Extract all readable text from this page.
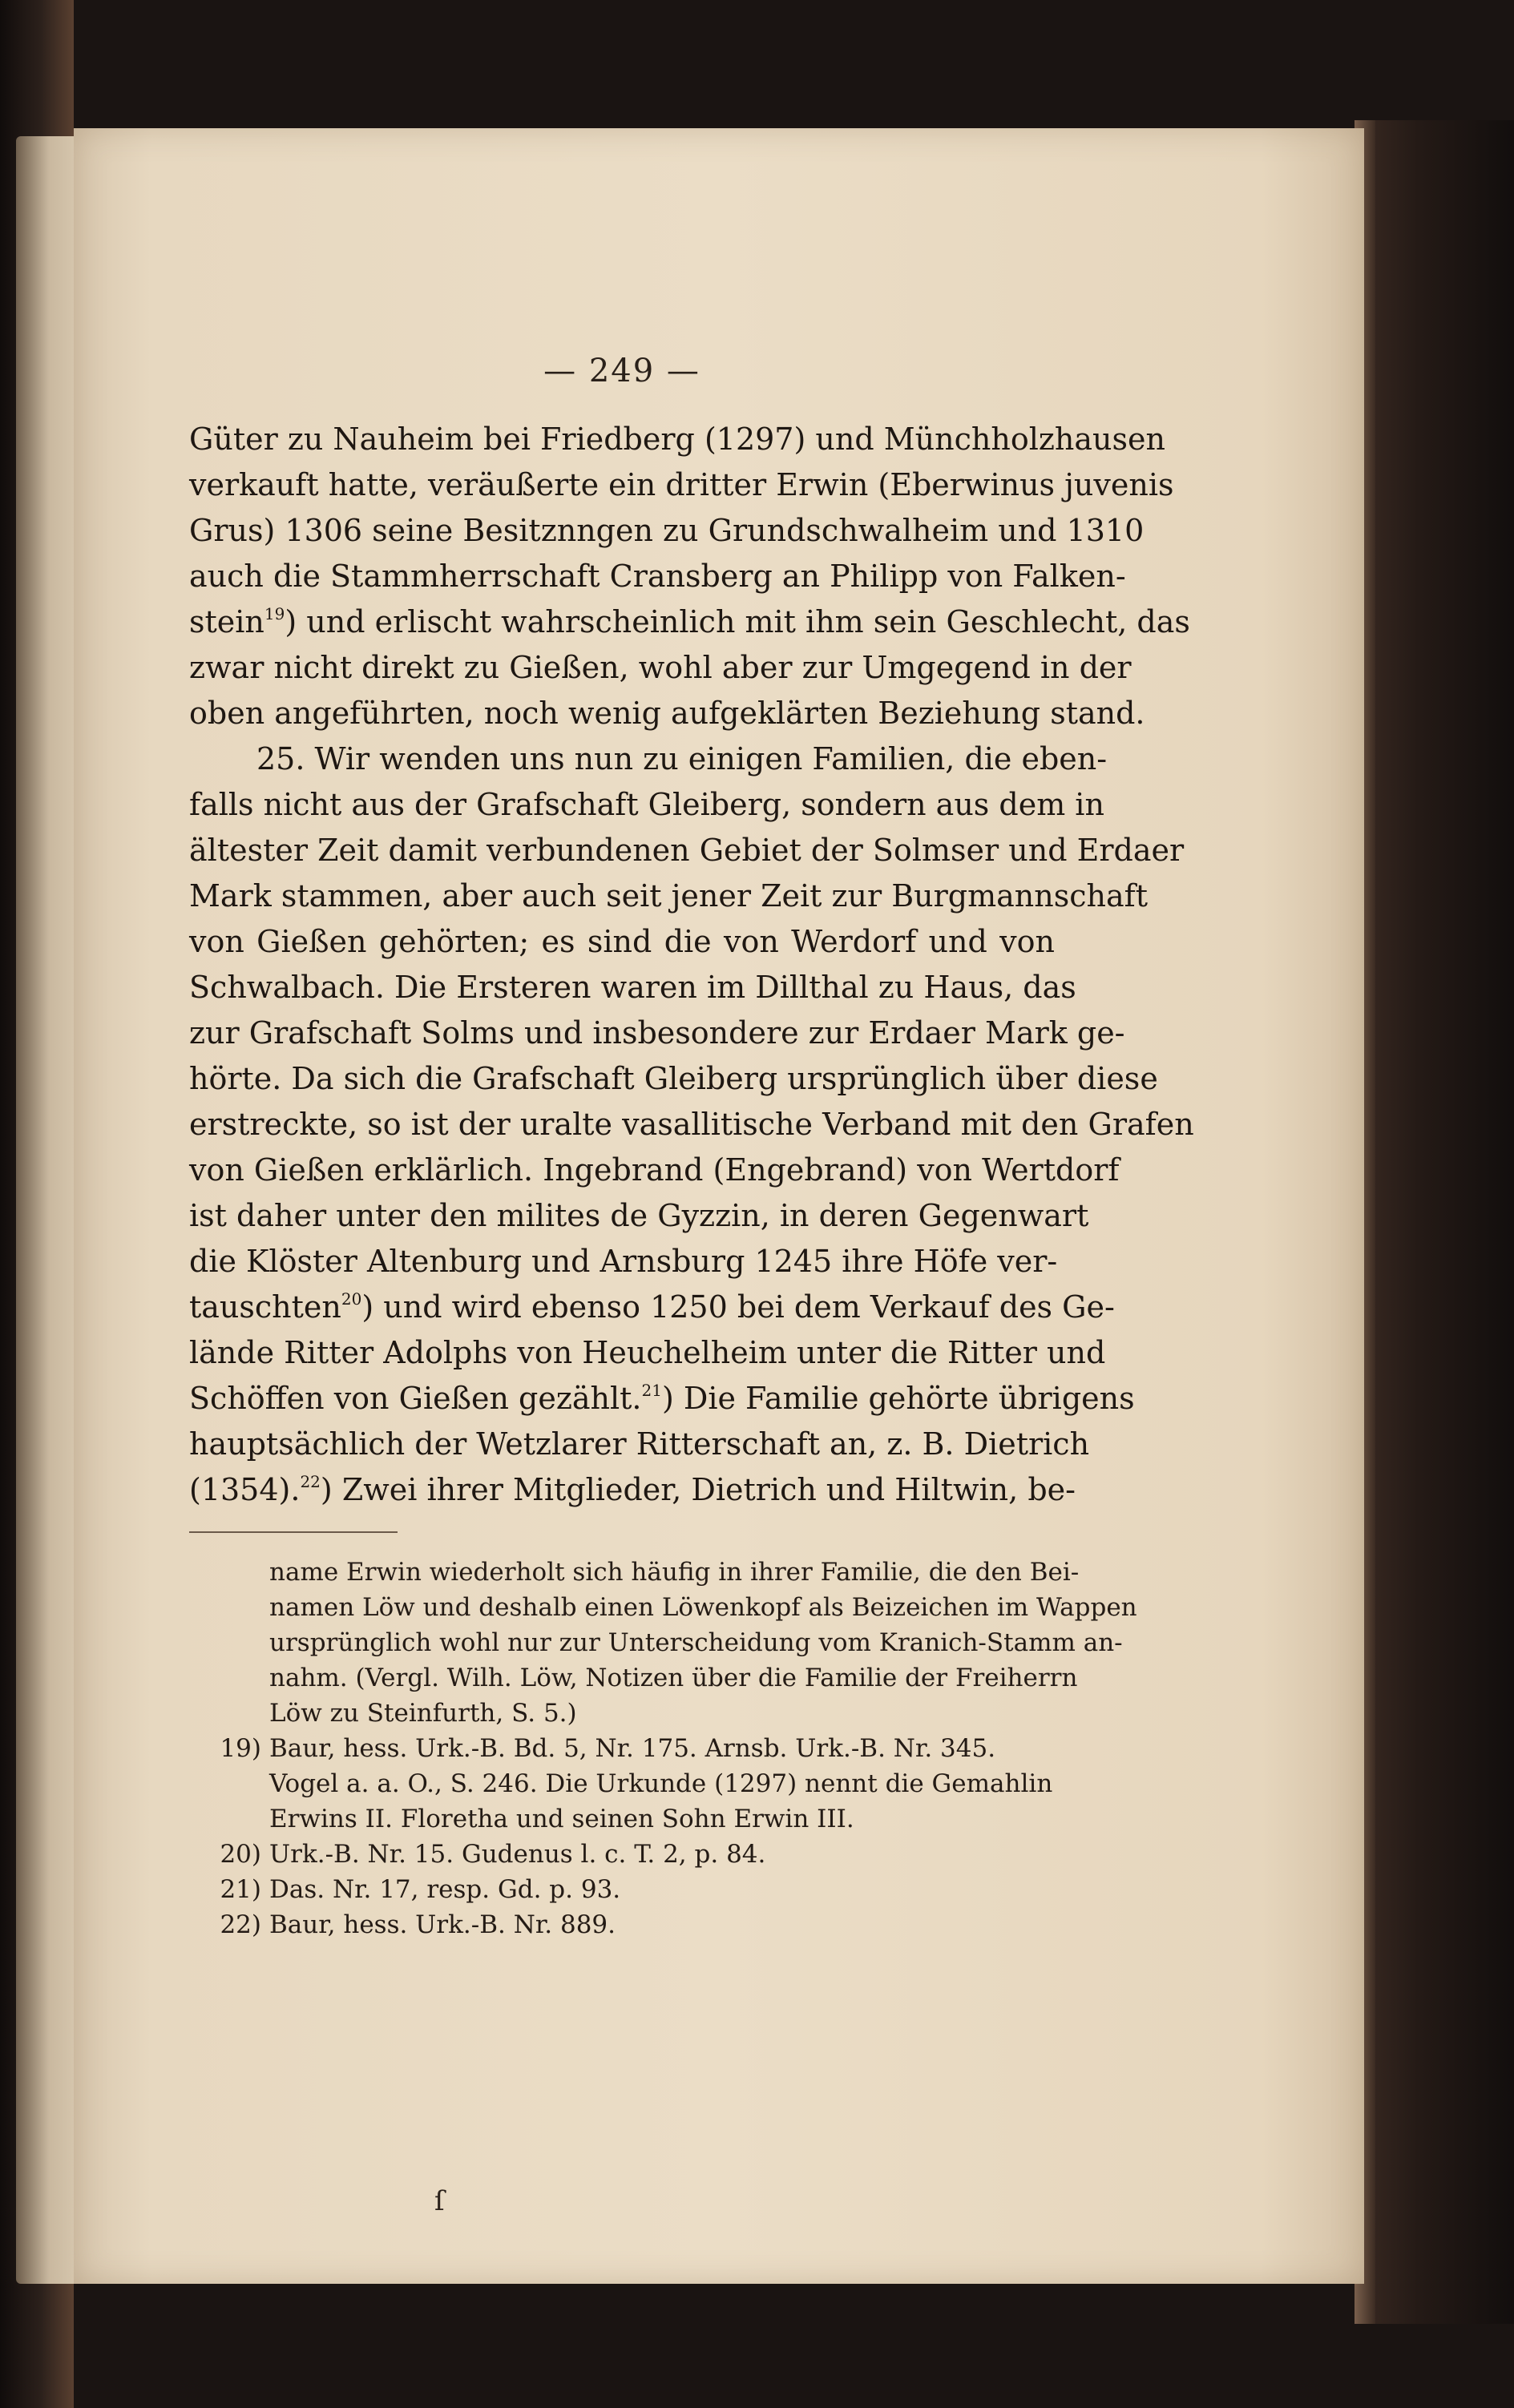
— 249 —
Güter zu Nauheim bei Friedberg (1297) und Münchholzhausen
verkauft hatte, veräußerte ein dritter Erwin (Eberwinus juvenis
Grus) 1306 seine Besitznngen zu Grundschwalheim und 1310
auch die Stammherrschaft Cransberg an Philipp von Falken-
stein$^{19}$) und erlischt wahrscheinlich mit ihm sein Geschlecht, das
zwar nicht direkt zu Gießen, wohl aber zur Umgegend in der
oben angeführten, noch wenig aufgeklärten Beziehung stand.
25. Wir wenden uns nun zu einigen Familien, die eben-
falls nicht aus der Grafschaft Gleiberg, sondern aus dem in
ältester Zeit damit verbundenen Gebiet der Solmser und Erdaer
Mark stammen, aber auch seit jener Zeit zur Burgmannschaft
von Gießen gehörten; es sind die von Werdorf und von
Schwalbach. Die Ersteren waren im Dillthal zu Haus, das
zur Grafschaft Solms und insbesondere zur Erdaer Mark ge-
hörte. Da sich die Grafschaft Gleiberg ursprünglich über diese
erstreckte, so ist der uralte vasallitische Verband mit den Grafen
von Gießen erklärlich. Ingebrand (Engebrand) von Wertdorf
ist daher unter den milites de Gyzzin, in deren Gegenwart
die Klöster Altenburg und Arnsburg 1245 ihre Höfe ver-
tauschten$^{20}$) und wird ebenso 1250 bei dem Verkauf des Ge-
lände Ritter Adolphs von Heuchelheim unter die Ritter und
Schöffen von Gießen gezählt.$^{21}$) Die Familie gehörte übrigens
hauptsächlich der Wetzlarer Ritterschaft an, z. B. Dietrich
(1354).$^{22}$) Zwei ihrer Mitglieder, Dietrich und Hiltwin, be-
name Erwin wiederholt sich häufig in ihrer Familie, die den Bei-
namen Löw und deshalb einen Löwenkopf als Beizeichen im Wappen
ursprünglich wohl nur zur Unterscheidung vom Kranich-Stamm an-
nahm. (Vergl. Wilh. Löw, Notizen über die Familie der Freiherrn
Löw zu Steinfurth, S. 5.)
19) Baur, hess. Urk.-B. Bd. 5, Nr. 175. Arnsb. Urk.-B. Nr. 345.
Vogel a. a. O., S. 246. Die Urkunde (1297) nennt die Gemahlin
Erwins II. Floretha und seinen Sohn Erwin III.
20) Urk.-B. Nr. 15. Gudenus l. c. T. 2, p. 84.
21) Das. Nr. 17, resp. Gd. p. 93.
22) Baur, hess. Urk.-B. Nr. 889.
ſ
